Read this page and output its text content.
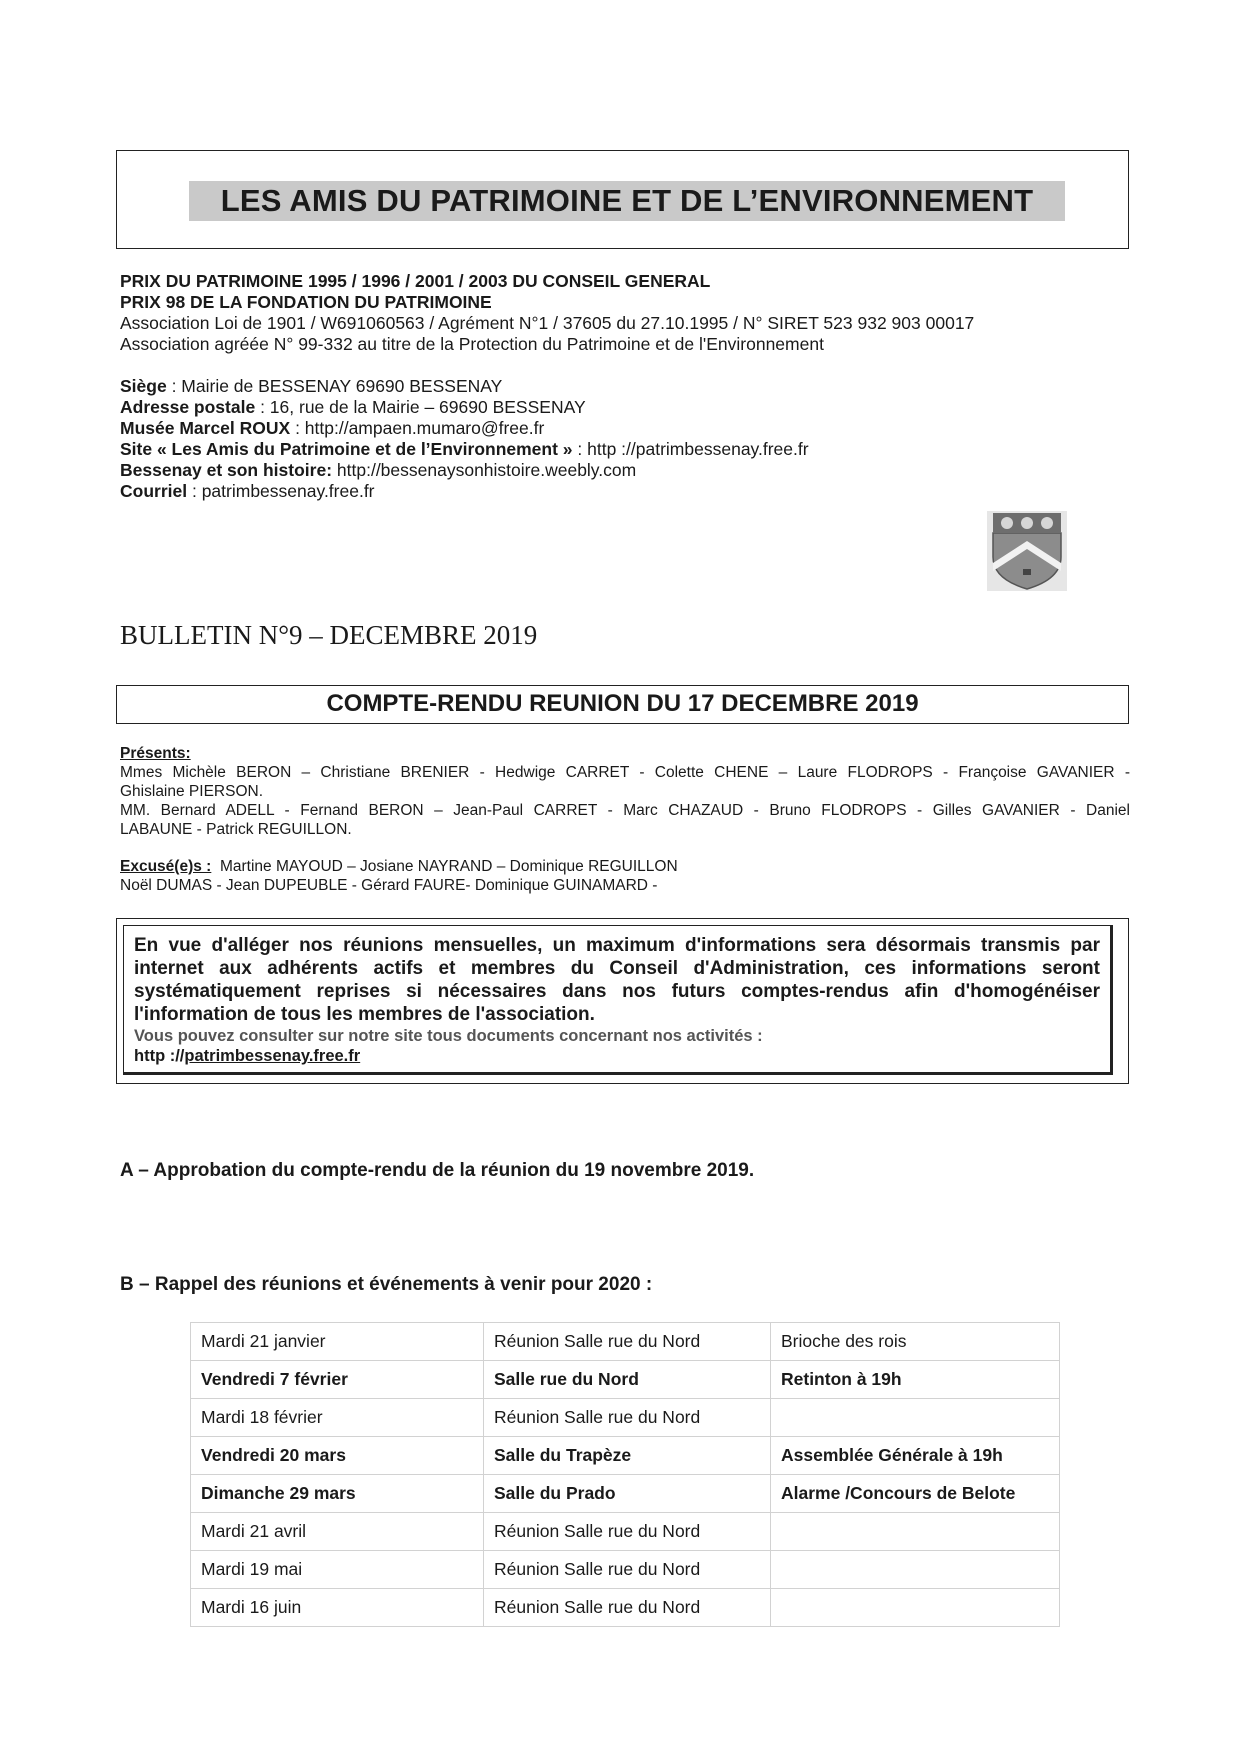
LES AMIS DU PATRIMOINE ET DE L’ENVIRONNEMENT
PRIX DU PATRIMOINE 1995 / 1996 / 2001 / 2003 DU CONSEIL GENERAL
PRIX 98 DE LA FONDATION DU PATRIMOINE
Association Loi de 1901 / W691060563 / Agrément N°1 / 37605 du 27.10.1995 / N° SIRET 523 932 903 00017
Association agréée N° 99-332 au titre de la Protection du Patrimoine et de l'Environnement
Siège : Mairie de BESSENAY 69690 BESSENAY
Adresse postale : 16, rue de la Mairie – 69690 BESSENAY
Musée Marcel ROUX : http://ampaen.mumaro@free.fr
Site « Les Amis du Patrimoine et de l’Environnement » : http ://patrimbessenay.free.fr
Bessenay et son histoire: http://bessenaysonhistoire.weebly.com
Courriel : patrimbessenay.free.fr
BULLETIN N°9 – DECEMBRE 2019
COMPTE-RENDU REUNION DU 17 DECEMBRE 2019
Présents:
Mmes Michèle BERON – Christiane BRENIER - Hedwige CARRET - Colette CHENE – Laure FLODROPS - Françoise GAVANIER -
Ghislaine PIERSON.
MM. Bernard ADELL - Fernand BERON – Jean-Paul CARRET - Marc CHAZAUD - Bruno FLODROPS - Gilles GAVANIER - Daniel
LABAUNE - Patrick REGUILLON.
Excusé(e)s : Martine MAYOUD – Josiane NAYRAND – Dominique REGUILLON
Noël DUMAS - Jean DUPEUBLE - Gérard FAURE- Dominique GUINAMARD -
En vue d'alléger nos réunions mensuelles, un maximum d'informations sera désormais transmis par internet aux adhérents actifs et membres du Conseil d'Administration, ces informations seront systématiquement reprises si nécessaires dans nos futurs comptes-rendus afin d'homogénéiser l'information de tous les membres de l'association.
Vous pouvez consulter sur notre site tous documents concernant nos activités :
http ://patrimbessenay.free.fr
A – Approbation du compte-rendu de la réunion du 19 novembre 2019.
B – Rappel des réunions et événements à venir pour 2020 :
Mardi 21 janvier	Réunion Salle rue du Nord	Brioche des rois
Vendredi 7 février	Salle rue du Nord	Retinton à 19h
Mardi 18 février	Réunion Salle rue du Nord	
Vendredi 20 mars	Salle du Trapèze	Assemblée Générale à 19h
Dimanche 29 mars	Salle du Prado	Alarme /Concours de Belote
Mardi 21 avril	Réunion Salle rue du Nord	
Mardi 19 mai	Réunion Salle rue du Nord	
Mardi 16 juin	Réunion Salle rue du Nord	
